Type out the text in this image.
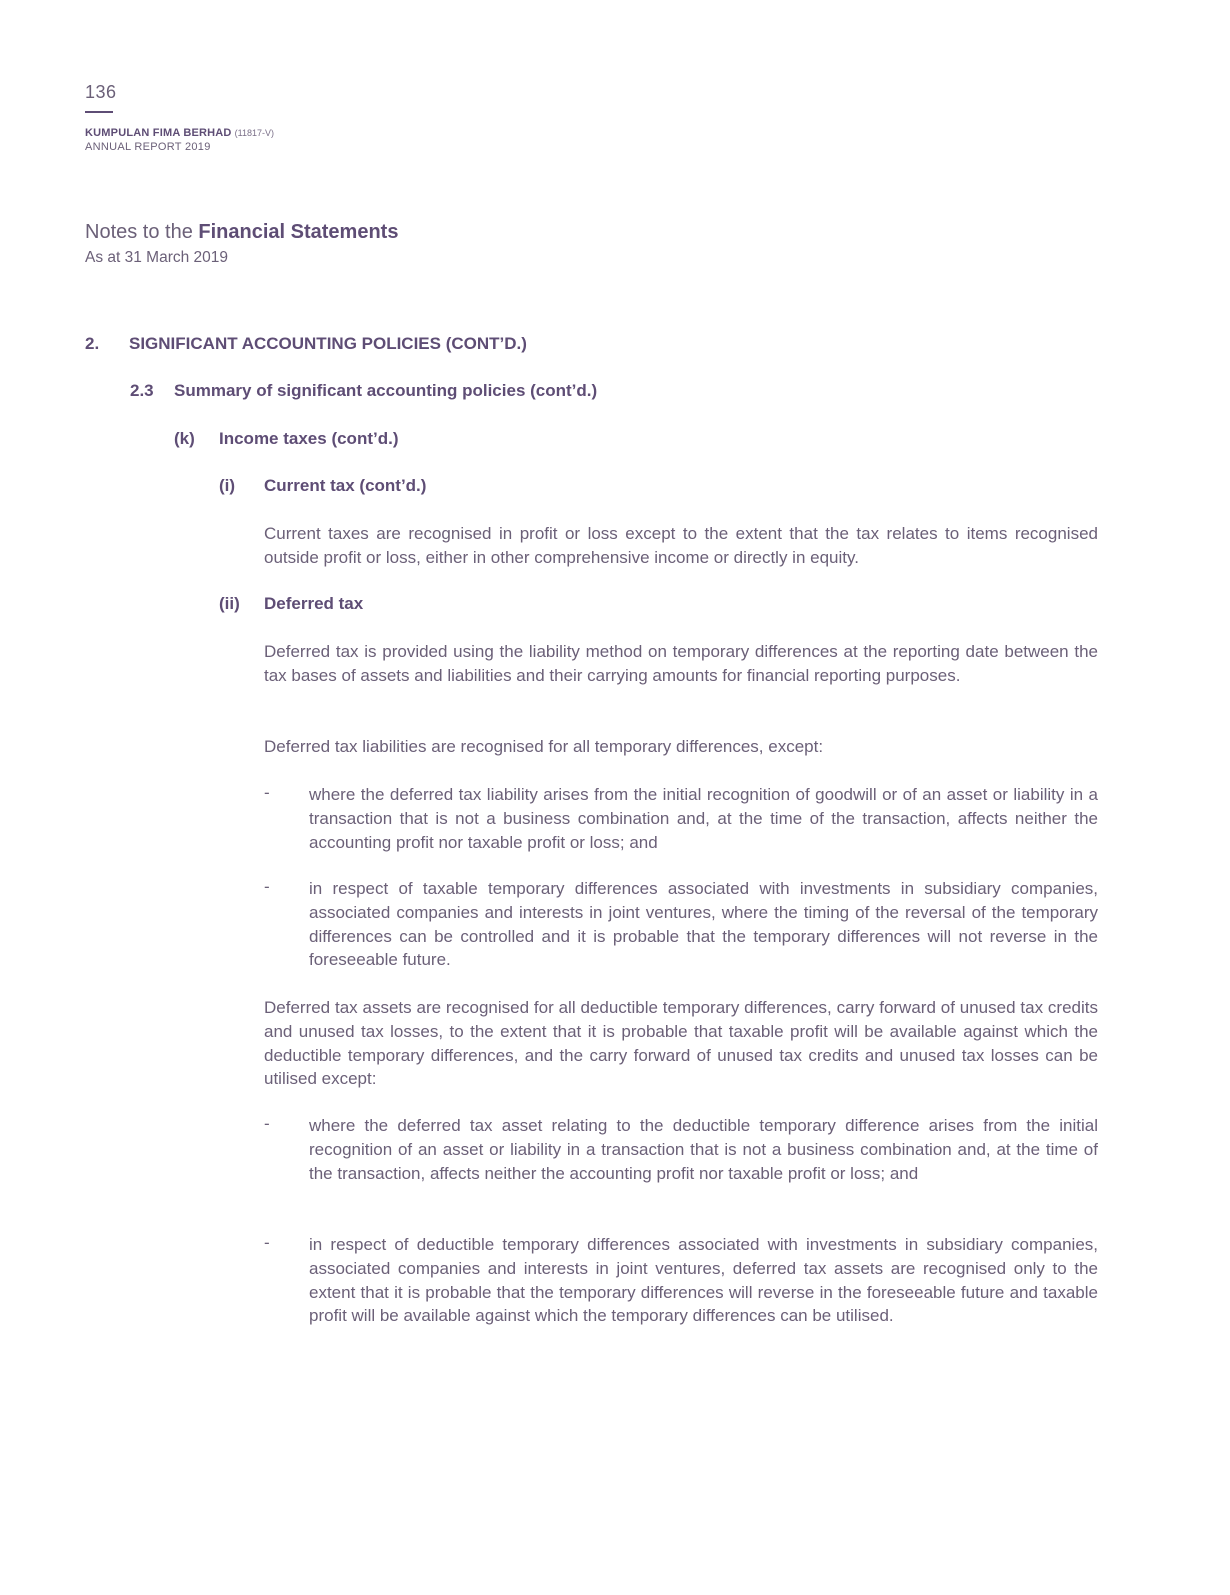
136
KUMPULAN FIMA BERHAD (11817-V)
ANNUAL REPORT 2019
Notes to the Financial Statements
As at 31 March 2019
2. SIGNIFICANT ACCOUNTING POLICIES (CONT’D.)
2.3 Summary of significant accounting policies (cont’d.)
(k) Income taxes (cont’d.)
(i) Current tax (cont’d.)

Current taxes are recognised in profit or loss except to the extent that the tax relates to items recognised outside profit or loss, either in other comprehensive income or directly in equity.

(ii) Deferred tax

Deferred tax is provided using the liability method on temporary differences at the reporting date between the tax bases of assets and liabilities and their carrying amounts for financial reporting purposes.

Deferred tax liabilities are recognised for all temporary differences, except:

- where the deferred tax liability arises from the initial recognition of goodwill or of an asset or liability in a transaction that is not a business combination and, at the time of the transaction, affects neither the accounting profit nor taxable profit or loss; and

- in respect of taxable temporary differences associated with investments in subsidiary companies, associated companies and interests in joint ventures, where the timing of the reversal of the temporary differences can be controlled and it is probable that the temporary differences will not reverse in the foreseeable future.

Deferred tax assets are recognised for all deductible temporary differences, carry forward of unused tax credits and unused tax losses, to the extent that it is probable that taxable profit will be available against which the deductible temporary differences, and the carry forward of unused tax credits and unused tax losses can be utilised except:

- where the deferred tax asset relating to the deductible temporary difference arises from the initial recognition of an asset or liability in a transaction that is not a business combination and, at the time of the transaction, affects neither the accounting profit nor taxable profit or loss; and

- in respect of deductible temporary differences associated with investments in subsidiary companies, associated companies and interests in joint ventures, deferred tax assets are recognised only to the extent that it is probable that the temporary differences will reverse in the foreseeable future and taxable profit will be available against which the temporary differences can be utilised.
